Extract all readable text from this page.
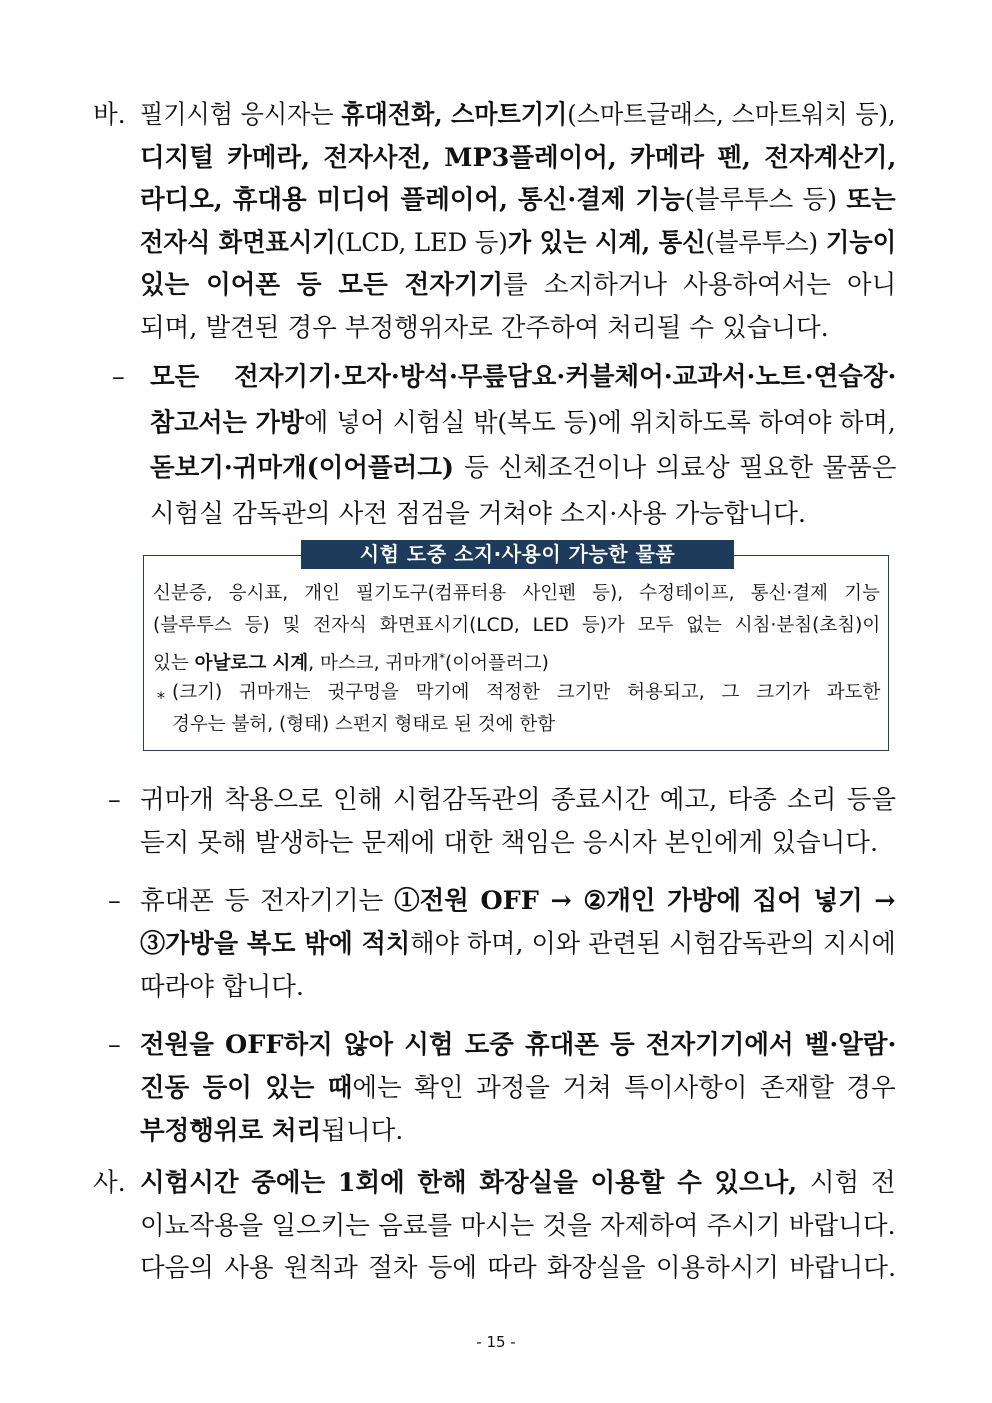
바.
–
시험 도중 소지·사용이 가능한 물품
–
–
–
사.
- 15 -
필기시험 응시자는 휴대전화, 스마트기기(스마트글래스, 스마트워치 등),
디지털 카메라, 전자사전, MP3플레이어, 카메라 펜, 전자계산기,
라디오, 휴대용 미디어 플레이어, 통신·결제 기능(블루투스 등) 또는
전자식 화면표시기(LCD, LED 등)가 있는 시계, 통신(블루투스) 기능이
있는 이어폰 등 모든 전자기기를 소지하거나 사용하여서는 아니
되며, 발견된 경우 부정행위자로 간주하여 처리될 수 있습니다.
모든 전자기기·모자·방석·무릎담요·커블체어·교과서·노트·연습장·
참고서는 가방에 넣어 시험실 밖(복도 등)에 위치하도록 하여야 하며,
돋보기·귀마개(이어플러그) 등 신체조건이나 의료상 필요한 물품은
시험실 감독관의 사전 점검을 거쳐야 소지·사용 가능합니다.
귀마개 착용으로 인해 시험감독관의 종료시간 예고, 타종 소리 등을
듣지 못해 발생하는 문제에 대한 책임은 응시자 본인에게 있습니다.
휴대폰 등 전자기기는 ①전원 OFF → ②개인 가방에 집어 넣기 →
③가방을 복도 밖에 적치해야 하며, 이와 관련된 시험감독관의 지시에
따라야 합니다.
전원을 OFF하지 않아 시험 도중 휴대폰 등 전자기기에서 벨·알람·
진동 등이 있는 때에는 확인 과정을 거쳐 특이사항이 존재할 경우
부정행위로 처리됩니다.
시험시간 중에는 1회에 한해 화장실을 이용할 수 있으나, 시험 전
이뇨작용을 일으키는 음료를 마시는 것을 자제하여 주시기 바랍니다.
다음의 사용 원칙과 절차 등에 따라 화장실을 이용하시기 바랍니다.
신분증, 응시표, 개인 필기도구(컴퓨터용 사인펜 등), 수정테이프, 통신·결제 기능
(블루투스 등) 및 전자식 화면표시기(LCD, LED 등)가 모두 없는 시침·분침(초침)이
있는 아날로그 시계, 마스크, 귀마개*(이어플러그)
* (크기) 귀마개는 귓구멍을 막기에 적정한 크기만 허용되고, 그 크기가 과도한
경우는 불허, (형태) 스펀지 형태로 된 것에 한함
